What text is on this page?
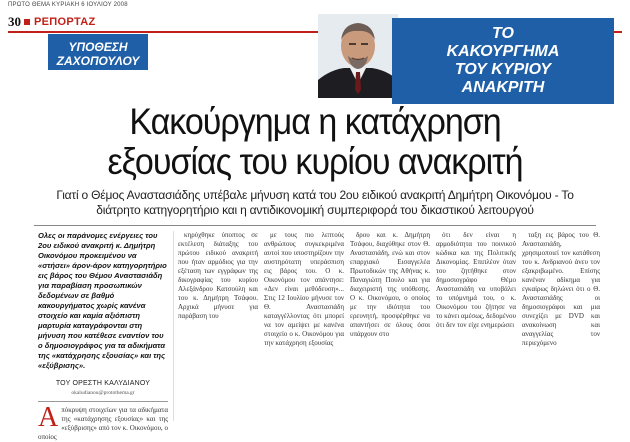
ΠΡΩΤΟ ΘΕΜΑ ΚΥΡΙΑΚΗ 6 ΙΟΥΛΙΟΥ 2008
30 ΡΕΠΟΡΤΑΖ
ΥΠΟΘΕΣΗ
ΖΑΧΟΠΟΥΛΟΥ
ΤΟ
ΚΑΚΟΥΡΓΗΜΑ
ΤΟΥ ΚΥΡΙΟΥ
ΑΝΑΚΡΙΤΗ
Κακούργημα η κατάχρηση
εξουσίας του κυρίου ανακριτή
Γιατί ο Θέμος Αναστασιάδης υπέβαλε μήνυση κατά του 2ου ειδικού ανακριτή Δημήτρη Οικονόμου - Το διάτρητο κατηγορητήριο και η αντιδικονομική συμπεριφορά του δικαστικού λειτουργού
Ολες οι παράνομες ενέργειες του 2ου ειδικού ανακριτή κ. Δημήτρη Οικονόμου προκειμένου να «στήσει» άρον-άρον κατηγορητήριο εις βάρος του Θέμου Αναστασιάδη για παραβίαση προσωπικών δεδομένων σε βαθμό κακουργήματος χωρίς κανένα στοιχείο και καμία αξιόπιστη μαρτυρία καταγράφονται στη μήνυση που κατέθεσε εναντίον του ο δημοσιογράφος για τα αδικήματα της «κατάχρησης εξουσίας» και της «εξύβρισης».
ΤΟΥ ΟΡΕΣΤΗ ΚΑΛΥΔΙΑΝΟΥ
okaludianou@protothema.gr
Α πόκρυψη στοιχείων για τα αδικήματα της «κατάχρησης εξουσίας» και της «εξύβρισης» από τον κ. Οικονόμου, ο οποίος

κηρύχθηκε ύποπτος σε εκτέλεση διάταξης του πρώτου ειδικού ανακριτή που ήταν αρμόδιος για την εξέταση των εγγράφων της δικογραφίας του κυρίου Αλεξάνδρου Κατσούλη και του κ. Δημήτρη Τσάφου. Αρχικά μήνυσε για παράβαση του

με τους πιο λεπτούς ανθρώπους συγκεκριμένα αυτοί που υποστηρίζουν την αυστηρότατη υπεράσπιση εις βάρος του. Ο κ. Οικονόμου τον απάντησε: «Δεν είναι μεθόδευση»... Στις 12 Ιουλίου μήνυσε τον Θ. Αναστασιάδη καταγγέλλοντας ότι μπορεί να τον αμείψει με κανένα στοιχείο ο κ. Οικονόμου για την κατάχρηση εξουσίας

δρου και κ. Δημήτρη Τσάφου, διαχύθηκε στον Θ. Αναστασιάδη, ενώ και στον επαρχιακό Εισαγγελέα Πρωτοδικών της Αθήνας κ. Παναγιώτη Πουλο και για διαχειριστή της υπόθεσης. Ο κ. Οικονόμου, ο οποίος με την ιδιότητα του ερευνητή, προσφέρθηκε να απαντήσει σε όλους όσοι υπάρχουν στο

ότι δεν είναι η αρμοδιότητα του ποινικού κώδικα και της Πολιτικής Δικονομίας. Επιπλέον όταν του ζητήθηκε στον δημοσιογράφο Θέμο Αναστασιάδη να υποβάλει το υπόμνημά του, ο κ. Οικονόμου του ζήτησε να το κάνει αμέσως, δεδομένου ότι δεν τον είχε ενημερώσει

ταξη εις βάρος του Θ. Αναστασιάδη, χρησιμοποιεί τον κατάθεση του κ. Ανδριανού άνευ τον εξακριβωμένο. Επίσης κανέναν αδίκημα για εγκαίρως δηλώνει ότι ο Θ. Αναστασιάδης οι δημοσιογράφοι και μια συνεχίζει με DVD και ανακοίνωση και αναγγελίας τον περιεχόμενο
